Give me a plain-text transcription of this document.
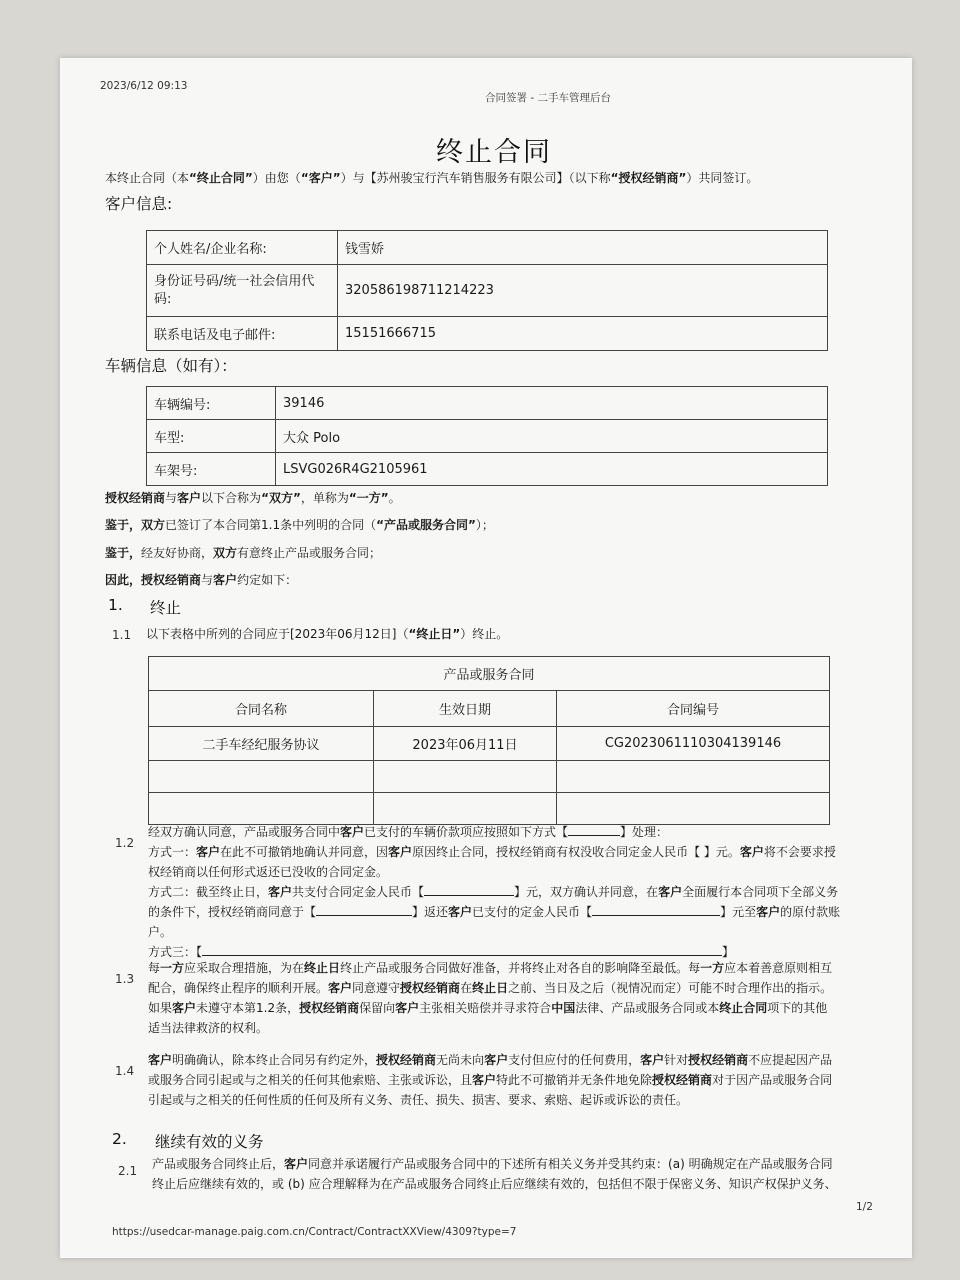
2023/6/12 09:13
合同签署 - 二手车管理后台
终止合同
本终止合同（本“终止合同”）由您（“客户”）与【苏州骏宝行汽车销售服务有限公司】（以下称“授权经销商”）共同签订。
客户信息:
个人姓名/企业名称:	钱雪娇
身份证号码/统一社会信用代码:	320586198711214223
联系电话及电子邮件:	15151666715
车辆信息（如有）：
车辆编号:	39146
车型:	大众 Polo
车架号:	LSVG026R4G2105961
授权经销商与客户以下合称为“双方”，单称为“一方”。
鉴于，双方已签订了本合同第1.1条中列明的合同（“产品或服务合同”）；
鉴于，经友好协商，双方有意终止产品或服务合同；
因此，授权经销商与客户约定如下：
1. 终止
1.1 以下表格中所列的合同应于[2023年06月12日]（“终止日”）终止。
产品或服务合同		
合同名称	生效日期	合同编号
二手车经纪服务协议	2023年06月11日	CG2023061110304139146

1.2
经双方确认同意，产品或服务合同中客户已支付的车辆价款项应按照如下方式【	】处理：
方式一：客户在此不可撤销地确认并同意，因客户原因终止合同，授权经销商有权没收合同定金人民币【 】元。客户将不会要求授
权经销商以任何形式返还已没收的合同定金。
方式二：截至终止日，客户共支付合同定金人民币【	】元，双方确认并同意，在客户全面履行本合同项下全部义务
的条件下，授权经销商同意于【	】返还客户已支付的定金人民币【	】元至客户的原付款账
户。
方式三：【	】
1.3
每一方应采取合理措施，为在终止日终止产品或服务合同做好准备，并将终止对各自的影响降至最低。每一方应本着善意原则相互
配合，确保终止程序的顺利开展。客户同意遵守授权经销商在终止日之前、当日及之后（视情况而定）可能不时合理作出的指示。
如果客户未遵守本第1.2条，授权经销商保留向客户主张相关赔偿并寻求符合中国法律、产品或服务合同或本终止合同项下的其他
适当法律救济的权利。
1.4
客户明确确认，除本终止合同另有约定外，授权经销商无尚未向客户支付但应付的任何费用，客户针对授权经销商不应提起因产品
或服务合同引起或与之相关的任何其他索赔、主张或诉讼，且客户特此不可撤销并无条件地免除授权经销商对于因产品或服务合同
引起或与之相关的任何性质的任何及所有义务、责任、损失、损害、要求、索赔、起诉或诉讼的责任。
2. 继续有效的义务
2.1 产品或服务合同终止后，客户同意并承诺履行产品或服务合同中的下述所有相关义务并受其约束：(a) 明确规定在产品或服务合同
终止后应继续有效的，或 (b) 应合理解释为在产品或服务合同终止后应继续有效的，包括但不限于保密义务、知识产权保护义务、
1/2
https://usedcar-manage.paig.com.cn/Contract/ContractXXView/4309?type=7
